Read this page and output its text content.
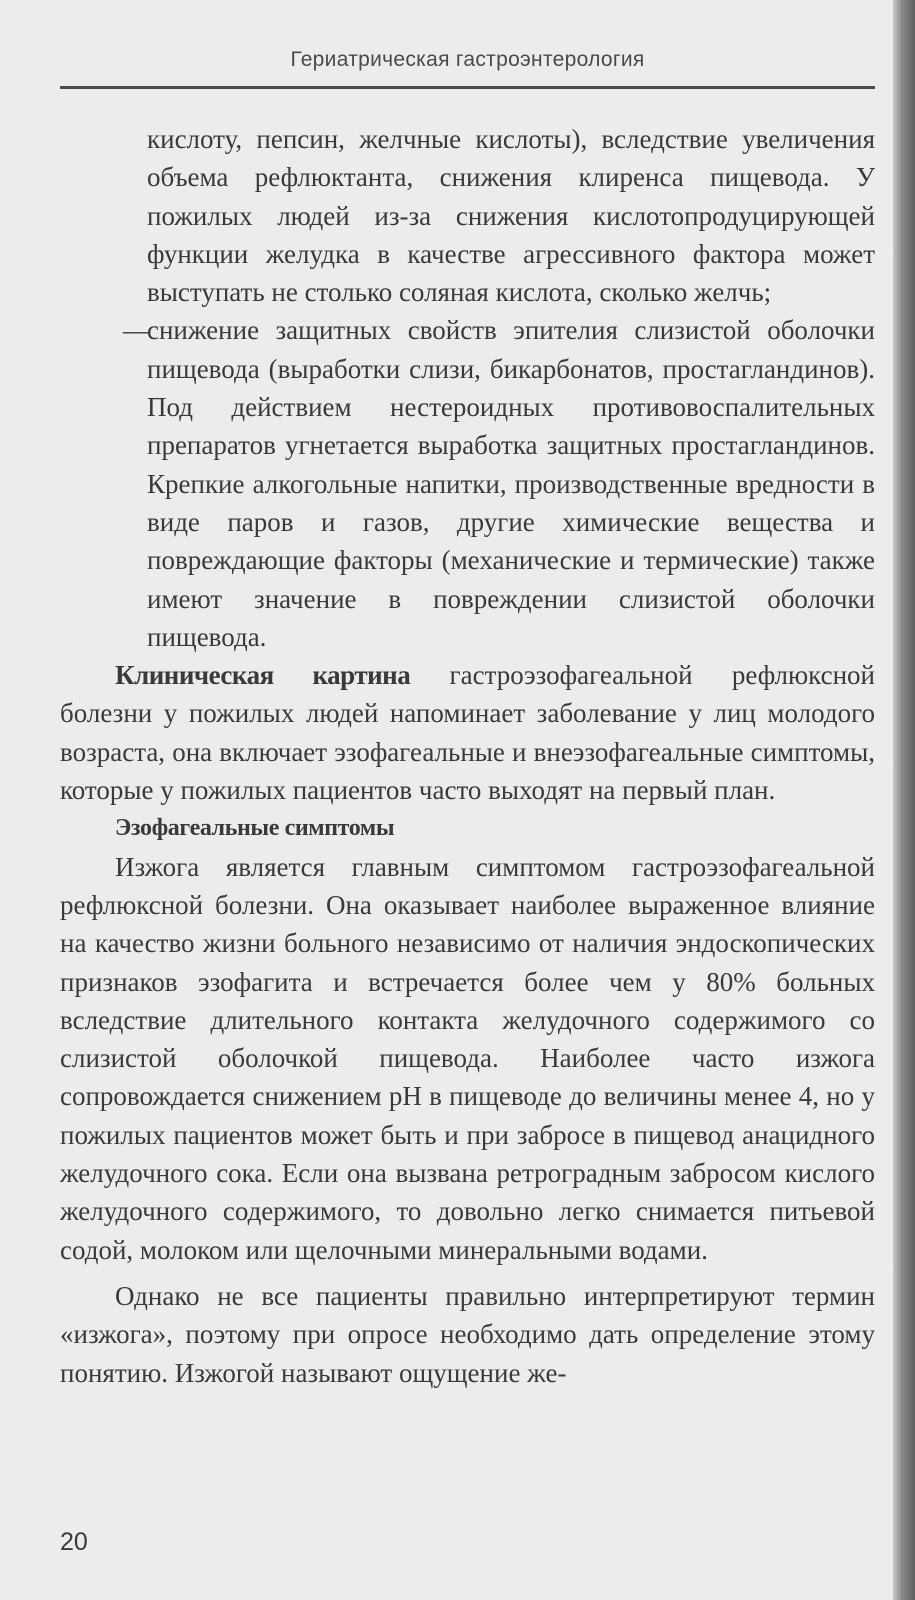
Гериатрическая гастроэнтерология

кислоту, пепсин, желчные кислоты), вследствие увеличения объема рефлюктанта, снижения клиренса пищевода. У пожилых людей из-за снижения кислотопродуцирующей функции желудка в качестве агрессивного фактора может выступать не столько соляная кислота, сколько желчь;

—
снижение защитных свойств эпителия слизистой оболочки пищевода (выработки слизи, бикарбонатов, простагландинов). Под действием нестероидных противовоспалительных препаратов угнетается выработка защитных простагландинов. Крепкие алкогольные напитки, производственные вредности в виде паров и газов, другие химические вещества и повреждающие факторы (механические и термические) также имеют значение в повреждении слизистой оболочки пищевода.

Клиническая картина гастроэзофагеальной рефлюксной болезни у пожилых людей напоминает заболевание у лиц молодого возраста, она включает эзофагеальные и внеэзофагеальные симптомы, которые у пожилых пациентов часто выходят на первый план.

Эзофагеальные симптомы

Изжога является главным симптомом гастроэзофагеальной рефлюксной болезни. Она оказывает наиболее выраженное влияние на качество жизни больного независимо от наличия эндоскопических признаков эзофагита и встречается более чем у 80% больных вследствие длительного контакта желудочного содержимого со слизистой оболочкой пищевода. Наиболее часто изжога сопровождается снижением pH в пищеводе до величины менее 4, но у пожилых пациентов может быть и при забросе в пищевод анацидного желудочного сока. Если она вызвана ретроградным забросом кислого желудочного содержимого, то довольно легко снимается питьевой содой, молоком или щелочными минеральными водами.

Однако не все пациенты правильно интерпретируют термин «изжога», поэтому при опросе необходимо дать определение этому понятию. Изжогой называют ощущение же-

20
